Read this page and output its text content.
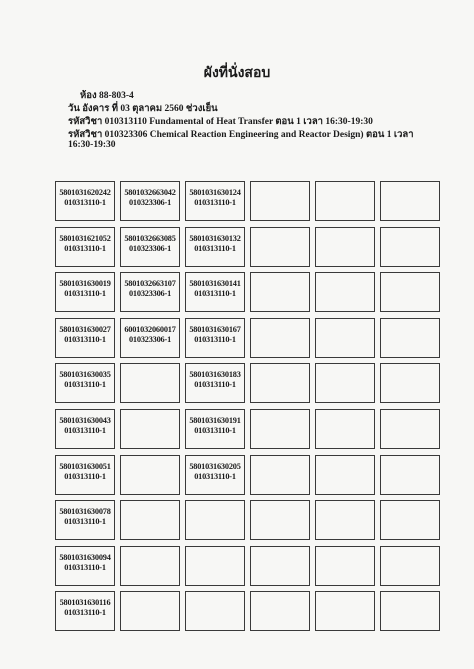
ผังที่นั่งสอบ
ห้อง 88-803-4
วัน อังคาร ที่ 03 ตุลาคม 2560 ช่วงเย็น
รหัสวิชา 010313110 Fundamental of Heat Transfer ตอน 1 เวลา 16:30-19:30
รหัสวิชา 010323306 Chemical Reaction Engineering and Reactor Design) ตอน 1 เวลา
16:30-19:30
5801031620242
010313110-1
5801032663042
010323306-1
5801031630124
010313110-1
5801031621052
010313110-1
5801032663085
010323306-1
5801031630132
010313110-1
5801031630019
010313110-1
5801032663107
010323306-1
5801031630141
010313110-1
5801031630027
010313110-1
6001032060017
010323306-1
5801031630167
010313110-1
5801031630035
010313110-1
5801031630183
010313110-1
5801031630043
010313110-1
5801031630191
010313110-1
5801031630051
010313110-1
5801031630205
010313110-1
5801031630078
010313110-1
5801031630094
010313110-1
5801031630116
010313110-1
